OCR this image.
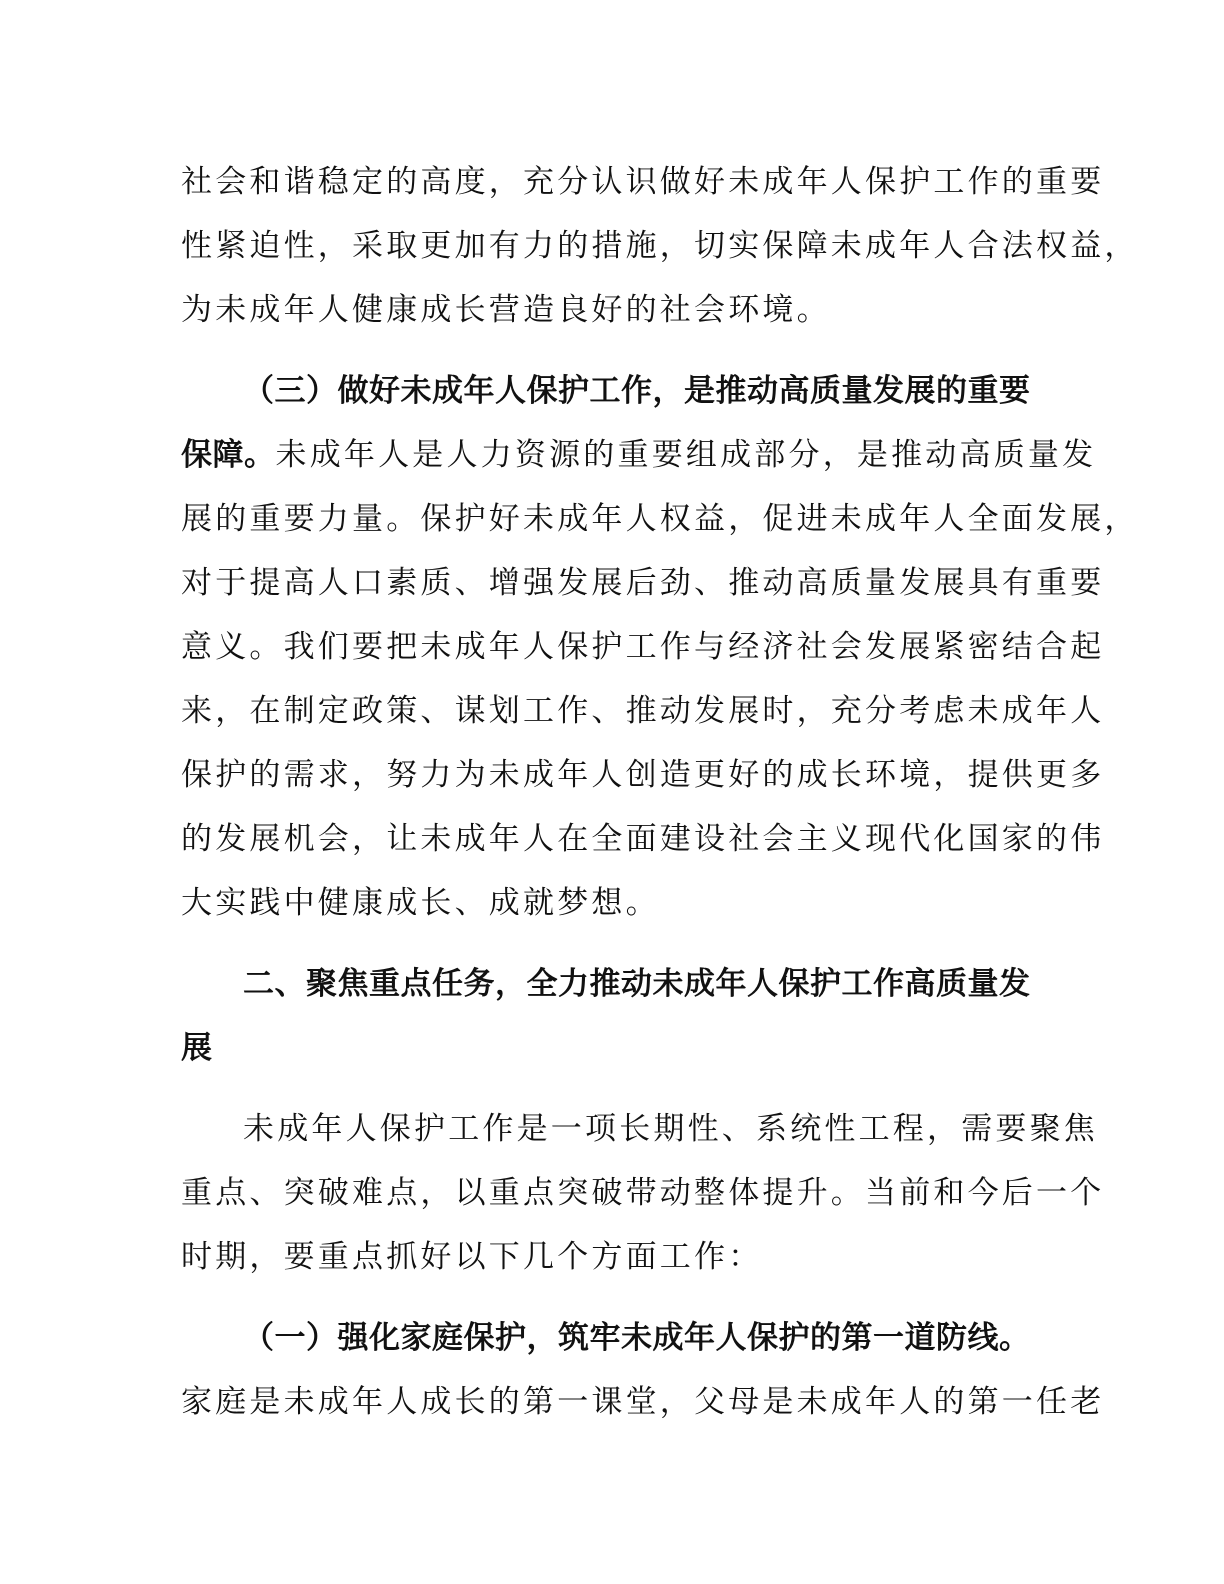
社会和谐稳定的高度，充分认识做好未成年人保护工作的重要
性紧迫性，采取更加有力的措施，切实保障未成年人合法权益，
为未成年人健康成长营造良好的社会环境。
（三）做好未成年人保护工作，是推动高质量发展的重要
保障。未成年人是人力资源的重要组成部分，是推动高质量发
展的重要力量。保护好未成年人权益，促进未成年人全面发展，
对于提高人口素质、增强发展后劲、推动高质量发展具有重要
意义。我们要把未成年人保护工作与经济社会发展紧密结合起
来，在制定政策、谋划工作、推动发展时，充分考虑未成年人
保护的需求，努力为未成年人创造更好的成长环境，提供更多
的发展机会，让未成年人在全面建设社会主义现代化国家的伟
大实践中健康成长、成就梦想。
二、聚焦重点任务，全力推动未成年人保护工作高质量发
展
未成年人保护工作是一项长期性、系统性工程，需要聚焦
重点、突破难点，以重点突破带动整体提升。当前和今后一个
时期，要重点抓好以下几个方面工作：
（一）强化家庭保护，筑牢未成年人保护的第一道防线。
家庭是未成年人成长的第一课堂，父母是未成年人的第一任老
